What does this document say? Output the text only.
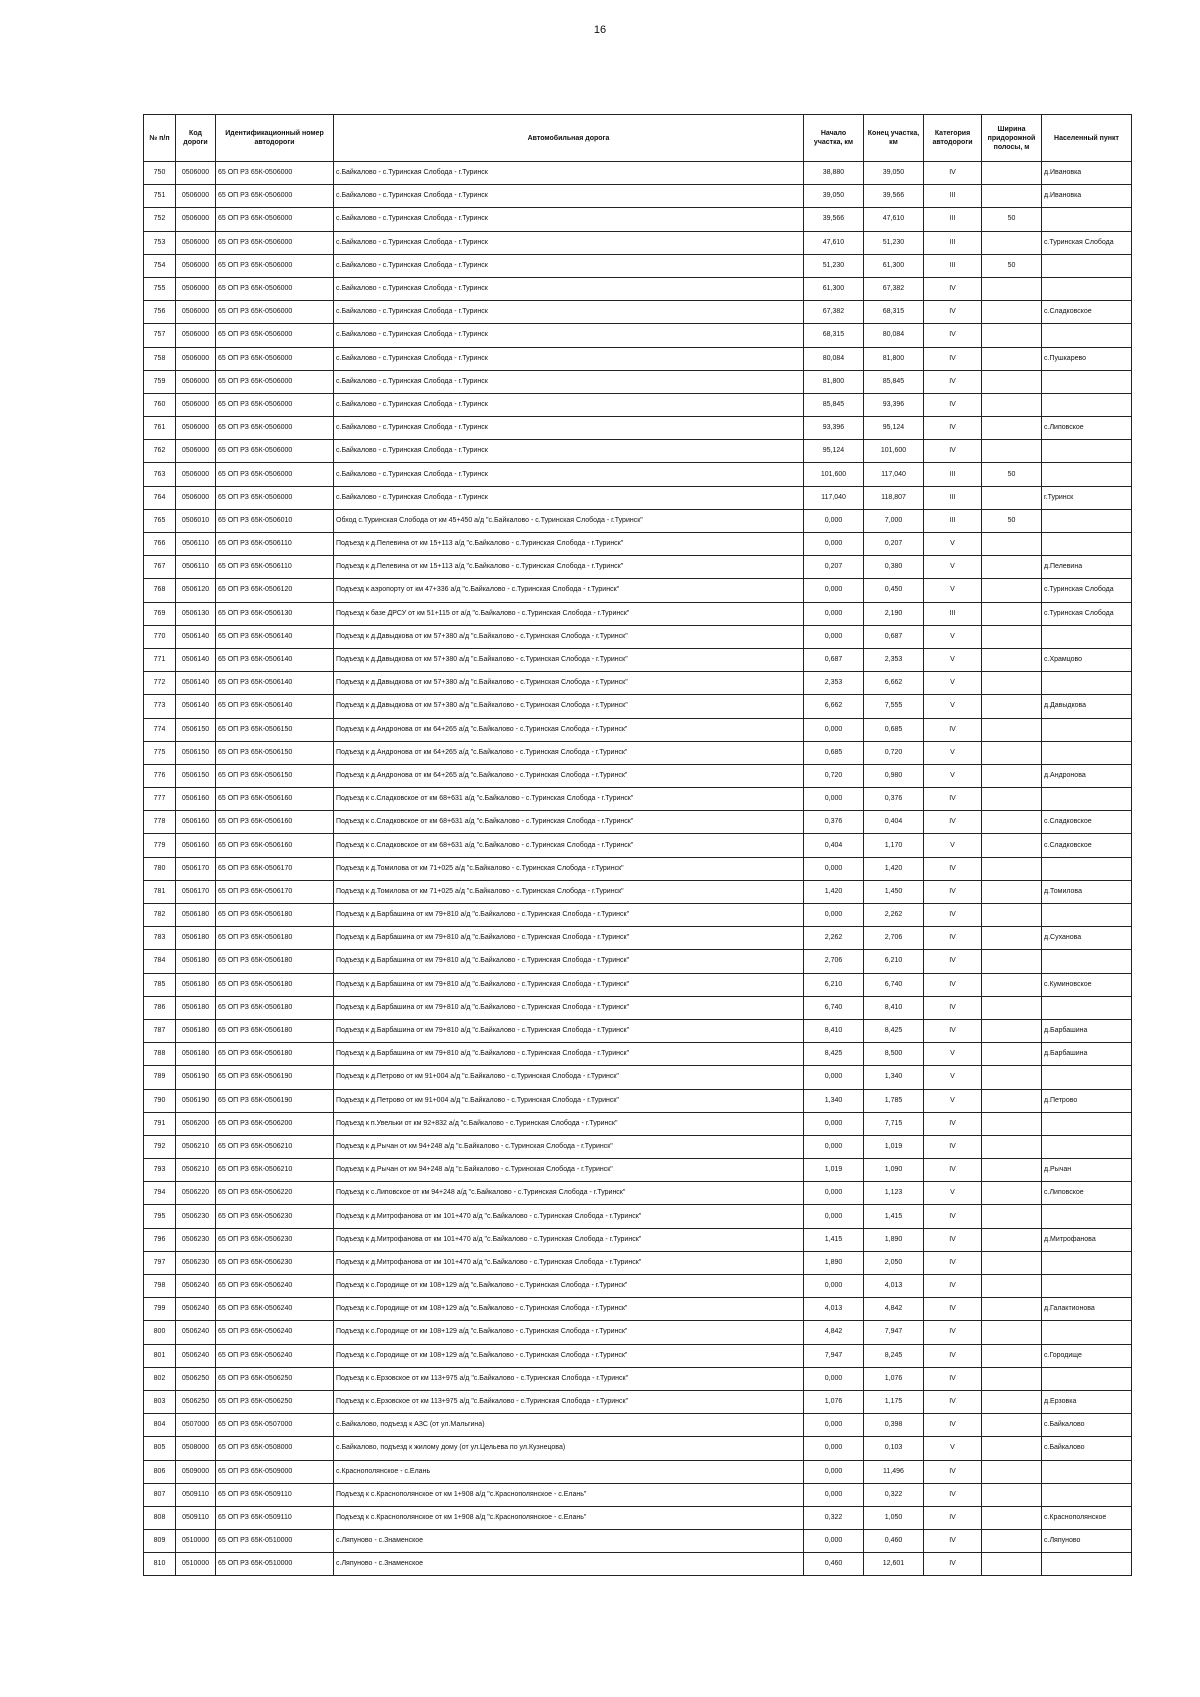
16
№ п/п	Код дороги	Идентификационный номер автодороги	Автомобильная дорога	Начало участка, км	Конец участка, км	Категория автодороги	Ширина придорожной полосы, м	Населенный пункт
750	0506000	65 ОП РЗ 65К-0506000	с.Байкалово - с.Туринская Слобода - г.Туринск	38,880	39,050	IV		д.Ивановка
751	0506000	65 ОП РЗ 65К-0506000	с.Байкалово - с.Туринская Слобода - г.Туринск	39,050	39,566	III		д.Ивановка
752	0506000	65 ОП РЗ 65К-0506000	с.Байкалово - с.Туринская Слобода - г.Туринск	39,566	47,610	III	50	
753	0506000	65 ОП РЗ 65К-0506000	с.Байкалово - с.Туринская Слобода - г.Туринск	47,610	51,230	III		с.Туринская Слобода
754	0506000	65 ОП РЗ 65К-0506000	с.Байкалово - с.Туринская Слобода - г.Туринск	51,230	61,300	III	50	
755	0506000	65 ОП РЗ 65К-0506000	с.Байкалово - с.Туринская Слобода - г.Туринск	61,300	67,382	IV		
756	0506000	65 ОП РЗ 65К-0506000	с.Байкалово - с.Туринская Слобода - г.Туринск	67,382	68,315	IV		с.Сладковское
757	0506000	65 ОП РЗ 65К-0506000	с.Байкалово - с.Туринская Слобода - г.Туринск	68,315	80,084	IV		
758	0506000	65 ОП РЗ 65К-0506000	с.Байкалово - с.Туринская Слобода - г.Туринск	80,084	81,800	IV		с.Пушкарево
759	0506000	65 ОП РЗ 65К-0506000	с.Байкалово - с.Туринская Слобода - г.Туринск	81,800	85,845	IV		
760	0506000	65 ОП РЗ 65К-0506000	с.Байкалово - с.Туринская Слобода - г.Туринск	85,845	93,396	IV		
761	0506000	65 ОП РЗ 65К-0506000	с.Байкалово - с.Туринская Слобода - г.Туринск	93,396	95,124	IV		с.Липовское
762	0506000	65 ОП РЗ 65К-0506000	с.Байкалово - с.Туринская Слобода - г.Туринск	95,124	101,600	IV		
763	0506000	65 ОП РЗ 65К-0506000	с.Байкалово - с.Туринская Слобода - г.Туринск	101,600	117,040	III	50	
764	0506000	65 ОП РЗ 65К-0506000	с.Байкалово - с.Туринская Слобода - г.Туринск	117,040	118,807	III		г.Туринск
765	0506010	65 ОП РЗ 65К-0506010	Обход с.Туринская Слобода от км 45+450 а/д "с.Байкалово - с.Туринская Слобода - г.Туринск"	0,000	7,000	III	50	
766	0506110	65 ОП РЗ 65К-0506110	Подъезд к д.Пелевина от км 15+113 а/д "с.Байкалово - с.Туринская Слобода - г.Туринск"	0,000	0,207	V		
767	0506110	65 ОП РЗ 65К-0506110	Подъезд к д.Пелевина от км 15+113 а/д "с.Байкалово - с.Туринская Слобода - г.Туринск"	0,207	0,380	V		д.Пелевина
768	0506120	65 ОП РЗ 65К-0506120	Подъезд к аэропорту от км 47+336 а/д "с.Байкалово - с.Туринская Слобода - г.Туринск"	0,000	0,450	V		с.Туринская Слобода
769	0506130	65 ОП РЗ 65К-0506130	Подъезд к базе ДРСУ от км 51+115 от а/д "с.Байкалово - с.Туринская Слобода - г.Туринск"	0,000	2,190	III		с.Туринская Слобода
770	0506140	65 ОП РЗ 65К-0506140	Подъезд к д.Давыдкова от км 57+380 а/д "с.Байкалово - с.Туринская Слобода - г.Туринск"	0,000	0,687	V		
771	0506140	65 ОП РЗ 65К-0506140	Подъезд к д.Давыдкова от км 57+380 а/д "с.Байкалово - с.Туринская Слобода - г.Туринск"	0,687	2,353	V		с.Храмцово
772	0506140	65 ОП РЗ 65К-0506140	Подъезд к д.Давыдкова от км 57+380 а/д "с.Байкалово - с.Туринская Слобода - г.Туринск"	2,353	6,662	V		
773	0506140	65 ОП РЗ 65К-0506140	Подъезд к д.Давыдкова от км 57+380 а/д "с.Байкалово - с.Туринская Слобода - г.Туринск"	6,662	7,555	V		д.Давыдкова
774	0506150	65 ОП РЗ 65К-0506150	Подъезд к д.Андронова от км 64+265 а/д "с.Байкалово - с.Туринская Слобода - г.Туринск"	0,000	0,685	IV		
775	0506150	65 ОП РЗ 65К-0506150	Подъезд к д.Андронова от км 64+265 а/д "с.Байкалово - с.Туринская Слобода - г.Туринск"	0,685	0,720	V		
776	0506150	65 ОП РЗ 65К-0506150	Подъезд к д.Андронова от км 64+265 а/д "с.Байкалово - с.Туринская Слобода - г.Туринск"	0,720	0,980	V		д.Андронова
777	0506160	65 ОП РЗ 65К-0506160	Подъезд к с.Сладковское от км 68+631 а/д "с.Байкалово - с.Туринская Слобода - г.Туринск"	0,000	0,376	IV		
778	0506160	65 ОП РЗ 65К-0506160	Подъезд к с.Сладковское от км 68+631 а/д "с.Байкалово - с.Туринская Слобода - г.Туринск"	0,376	0,404	IV		с.Сладковское
779	0506160	65 ОП РЗ 65К-0506160	Подъезд к с.Сладковское от км 68+631 а/д "с.Байкалово - с.Туринская Слобода - г.Туринск"	0,404	1,170	V		с.Сладковское
780	0506170	65 ОП РЗ 65К-0506170	Подъезд к д.Томилова от км 71+025 а/д "с.Байкалово - с.Туринская Слобода - г.Туринск"	0,000	1,420	IV		
781	0506170	65 ОП РЗ 65К-0506170	Подъезд к д.Томилова от км 71+025 а/д "с.Байкалово - с.Туринская Слобода - г.Туринск"	1,420	1,450	IV		д.Томилова
782	0506180	65 ОП РЗ 65К-0506180	Подъезд к д.Барбашина от км 79+810 а/д "с.Байкалово - с.Туринская Слобода - г.Туринск"	0,000	2,262	IV		
783	0506180	65 ОП РЗ 65К-0506180	Подъезд к д.Барбашина от км 79+810 а/д "с.Байкалово - с.Туринская Слобода - г.Туринск"	2,262	2,706	IV		д.Суханова
784	0506180	65 ОП РЗ 65К-0506180	Подъезд к д.Барбашина от км 79+810 а/д "с.Байкалово - с.Туринская Слобода - г.Туринск"	2,706	6,210	IV		
785	0506180	65 ОП РЗ 65К-0506180	Подъезд к д.Барбашина от км 79+810 а/д "с.Байкалово - с.Туринская Слобода - г.Туринск"	6,210	6,740	IV		с.Куминовское
786	0506180	65 ОП РЗ 65К-0506180	Подъезд к д.Барбашина от км 79+810 а/д "с.Байкалово - с.Туринская Слобода - г.Туринск"	6,740	8,410	IV		
787	0506180	65 ОП РЗ 65К-0506180	Подъезд к д.Барбашина от км 79+810 а/д "с.Байкалово - с.Туринская Слобода - г.Туринск"	8,410	8,425	IV		д.Барбашина
788	0506180	65 ОП РЗ 65К-0506180	Подъезд к д.Барбашина от км 79+810 а/д "с.Байкалово - с.Туринская Слобода - г.Туринск"	8,425	8,500	V		д.Барбашина
789	0506190	65 ОП РЗ 65К-0506190	Подъезд к д.Петрово от км 91+004 а/д "с.Байкалово - с.Туринская Слобода - г.Туринск"	0,000	1,340	V		
790	0506190	65 ОП РЗ 65К-0506190	Подъезд к д.Петрово от км 91+004 а/д "с.Байкалово - с.Туринская Слобода - г.Туринск"	1,340	1,785	V		д.Петрово
791	0506200	65 ОП РЗ 65К-0506200	Подъезд к п.Увельки от км 92+832 а/д "с.Байкалово - с.Туринская Слобода - г.Туринск"	0,000	7,715	IV		
792	0506210	65 ОП РЗ 65К-0506210	Подъезд к д.Рычан от км 94+248 а/д "с.Байкалово - с.Туринская Слобода - г.Туринск"	0,000	1,019	IV		
793	0506210	65 ОП РЗ 65К-0506210	Подъезд к д.Рычан от км 94+248 а/д "с.Байкалово - с.Туринская Слобода - г.Туринск"	1,019	1,090	IV		д.Рычан
794	0506220	65 ОП РЗ 65К-0506220	Подъезд к с.Липовское от км 94+248 а/д "с.Байкалово - с.Туринская Слобода - г.Туринск"	0,000	1,123	V		с.Липовское
795	0506230	65 ОП РЗ 65К-0506230	Подъезд к д.Митрофанова от км 101+470 а/д "с.Байкалово - с.Туринская Слобода - г.Туринск"	0,000	1,415	IV		
796	0506230	65 ОП РЗ 65К-0506230	Подъезд к д.Митрофанова от км 101+470 а/д "с.Байкалово - с.Туринская Слобода - г.Туринск"	1,415	1,890	IV		д.Митрофанова
797	0506230	65 ОП РЗ 65К-0506230	Подъезд к д.Митрофанова от км 101+470 а/д "с.Байкалово - с.Туринская Слобода - г.Туринск"	1,890	2,050	IV		
798	0506240	65 ОП РЗ 65К-0506240	Подъезд к с.Городище от км 108+129 а/д "с.Байкалово - с.Туринская Слобода - г.Туринск"	0,000	4,013	IV		
799	0506240	65 ОП РЗ 65К-0506240	Подъезд к с.Городище от км 108+129 а/д "с.Байкалово - с.Туринская Слобода - г.Туринск"	4,013	4,842	IV		д.Галактионова
800	0506240	65 ОП РЗ 65К-0506240	Подъезд к с.Городище от км 108+129 а/д "с.Байкалово - с.Туринская Слобода - г.Туринск"	4,842	7,947	IV		
801	0506240	65 ОП РЗ 65К-0506240	Подъезд к с.Городище от км 108+129 а/д "с.Байкалово - с.Туринская Слобода - г.Туринск"	7,947	8,245	IV		с.Городище
802	0506250	65 ОП РЗ 65К-0506250	Подъезд к с.Ерзовское от км 113+975 а/д "с.Байкалово - с.Туринская Слобода - г.Туринск"	0,000	1,076	IV		
803	0506250	65 ОП РЗ 65К-0506250	Подъезд к с.Ерзовское от км 113+975 а/д "с.Байкалово - с.Туринская Слобода - г.Туринск"	1,076	1,175	IV		д.Ерзовка
804	0507000	65 ОП РЗ 65К-0507000	с.Байкалово, подъезд к АЗС (от ул.Мальгина)	0,000	0,398	IV		с.Байкалово
805	0508000	65 ОП РЗ 65К-0508000	с.Байкалово, подъезд к жилому дому (от ул.Цельева по ул.Кузнецова)	0,000	0,103	V		с.Байкалово
806	0509000	65 ОП РЗ 65К-0509000	с.Краснополянское - с.Елань	0,000	11,496	IV		
807	0509110	65 ОП РЗ 65К-0509110	Подъезд к с.Краснополянское от км 1+908 а/д "с.Краснополянское - с.Елань"	0,000	0,322	IV		
808	0509110	65 ОП РЗ 65К-0509110	Подъезд к с.Краснополянское от км 1+908 а/д "с.Краснополянское - с.Елань"	0,322	1,050	IV		с.Краснополянское
809	0510000	65 ОП РЗ 65К-0510000	с.Ляпуново - с.Знаменское	0,000	0,460	IV		с.Ляпуново
810	0510000	65 ОП РЗ 65К-0510000	с.Ляпуново - с.Знаменское	0,460	12,601	IV		
